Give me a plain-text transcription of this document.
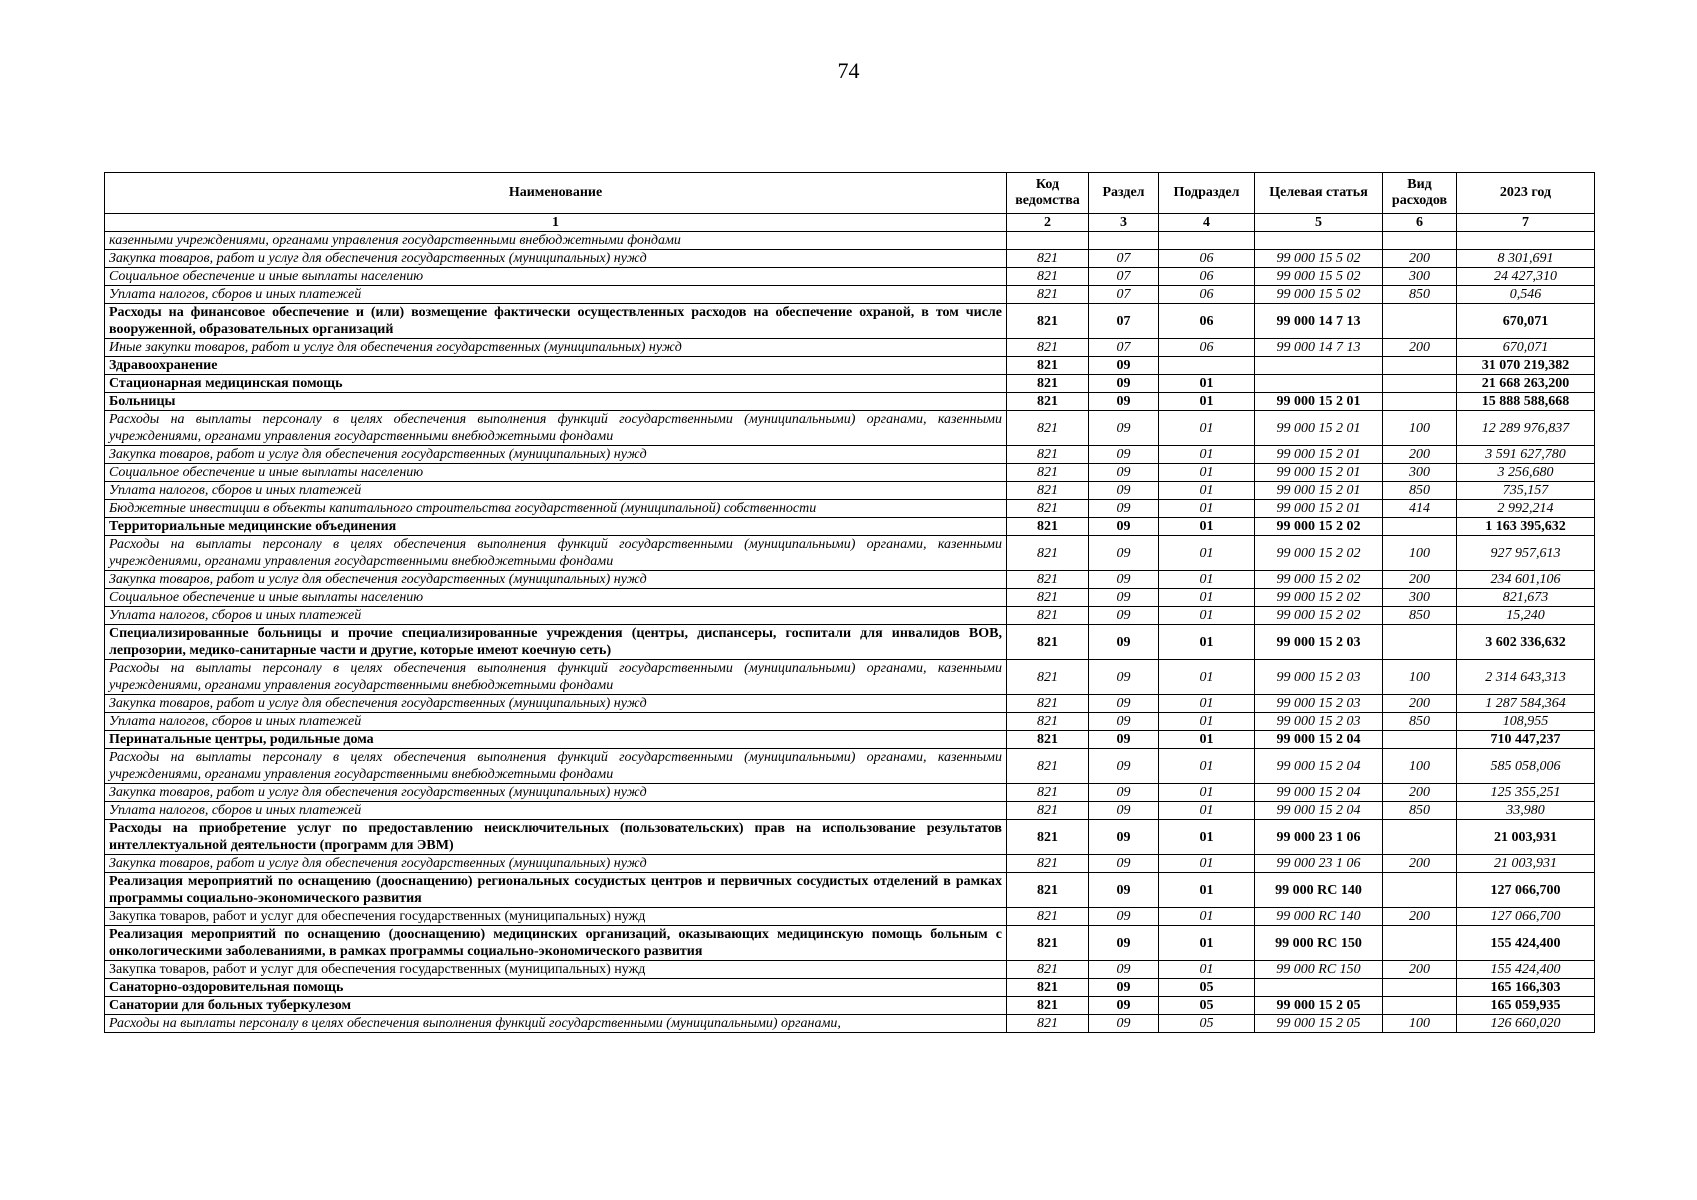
74
Наименование	Код ведомства	Раздел	Подраздел	Целевая статья	Вид расходов	2023 год
1	2	3	4	5	6	7
казенными учреждениями, органами управления государственными внебюджетными фондами						
Закупка товаров, работ и услуг для обеспечения государственных (муниципальных) нужд	821	07	06	99 000 15 5 02	200	8 301,691
Социальное обеспечение и иные выплаты населению	821	07	06	99 000 15 5 02	300	24 427,310
Уплата налогов, сборов и иных платежей	821	07	06	99 000 15 5 02	850	0,546
Расходы на финансовое обеспечение и (или) возмещение фактически осуществленных расходов на обеспечение охраной, в том числе вооруженной, образовательных организаций	821	07	06	99 000 14 7 13		670,071
Иные закупки товаров, работ и услуг для обеспечения государственных (муниципальных) нужд	821	07	06	99 000 14 7 13	200	670,071
Здравоохранение	821	09				31 070 219,382
Стационарная медицинская помощь	821	09	01			21 668 263,200
Больницы	821	09	01	99 000 15 2 01		15 888 588,668
Расходы на выплаты персоналу в целях обеспечения выполнения функций государственными (муниципальными) органами, казенными учреждениями, органами управления государственными внебюджетными фондами	821	09	01	99 000 15 2 01	100	12 289 976,837
Закупка товаров, работ и услуг для обеспечения государственных (муниципальных) нужд	821	09	01	99 000 15 2 01	200	3 591 627,780
Социальное обеспечение и иные выплаты населению	821	09	01	99 000 15 2 01	300	3 256,680
Уплата налогов, сборов и иных платежей	821	09	01	99 000 15 2 01	850	735,157
Бюджетные инвестиции в объекты капитального строительства государственной (муниципальной) собственности	821	09	01	99 000 15 2 01	414	2 992,214
Территориальные медицинские объединения	821	09	01	99 000 15 2 02		1 163 395,632
Расходы на выплаты персоналу в целях обеспечения выполнения функций государственными (муниципальными) органами, казенными учреждениями, органами управления государственными внебюджетными фондами	821	09	01	99 000 15 2 02	100	927 957,613
Закупка товаров, работ и услуг для обеспечения государственных (муниципальных) нужд	821	09	01	99 000 15 2 02	200	234 601,106
Социальное обеспечение и иные выплаты населению	821	09	01	99 000 15 2 02	300	821,673
Уплата налогов, сборов и иных платежей	821	09	01	99 000 15 2 02	850	15,240
Специализированные больницы и прочие специализированные учреждения (центры, диспансеры, госпитали для инвалидов ВОВ, лепрозории, медико-санитарные части и другие, которые имеют коечную сеть)	821	09	01	99 000 15 2 03		3 602 336,632
Расходы на выплаты персоналу в целях обеспечения выполнения функций государственными (муниципальными) органами, казенными учреждениями, органами управления государственными внебюджетными фондами	821	09	01	99 000 15 2 03	100	2 314 643,313
Закупка товаров, работ и услуг для обеспечения государственных (муниципальных) нужд	821	09	01	99 000 15 2 03	200	1 287 584,364
Уплата налогов, сборов и иных платежей	821	09	01	99 000 15 2 03	850	108,955
Перинатальные центры, родильные дома	821	09	01	99 000 15 2 04		710 447,237
Расходы на выплаты персоналу в целях обеспечения выполнения функций государственными (муниципальными) органами, казенными учреждениями, органами управления государственными внебюджетными фондами	821	09	01	99 000 15 2 04	100	585 058,006
Закупка товаров, работ и услуг для обеспечения государственных (муниципальных) нужд	821	09	01	99 000 15 2 04	200	125 355,251
Уплата налогов, сборов и иных платежей	821	09	01	99 000 15 2 04	850	33,980
Расходы на приобретение услуг по предоставлению неисключительных (пользовательских) прав на использование результатов интеллектуальной деятельности (программ для ЭВМ)	821	09	01	99 000 23 1 06		21 003,931
Закупка товаров, работ и услуг для обеспечения государственных (муниципальных) нужд	821	09	01	99 000 23 1 06	200	21 003,931
Реализация мероприятий по оснащению (дооснащению) региональных сосудистых центров и первичных сосудистых отделений в рамках программы социально-экономического развития	821	09	01	99 000 RC 140		127 066,700
Закупка товаров, работ и услуг для обеспечения государственных (муниципальных) нужд	821	09	01	99 000 RC 140	200	127 066,700
Реализация мероприятий по оснащению (дооснащению) медицинских организаций, оказывающих медицинскую помощь больным с онкологическими заболеваниями, в рамках программы социально-экономического развития	821	09	01	99 000 RC 150		155 424,400
Закупка товаров, работ и услуг для обеспечения государственных (муниципальных) нужд	821	09	01	99 000 RC 150	200	155 424,400
Санаторно-оздоровительная помощь	821	09	05			165 166,303
Санатории для больных туберкулезом	821	09	05	99 000 15 2 05		165 059,935
Расходы на выплаты персоналу в целях обеспечения выполнения функций государственными (муниципальными) органами,	821	09	05	99 000 15 2 05	100	126 660,020
